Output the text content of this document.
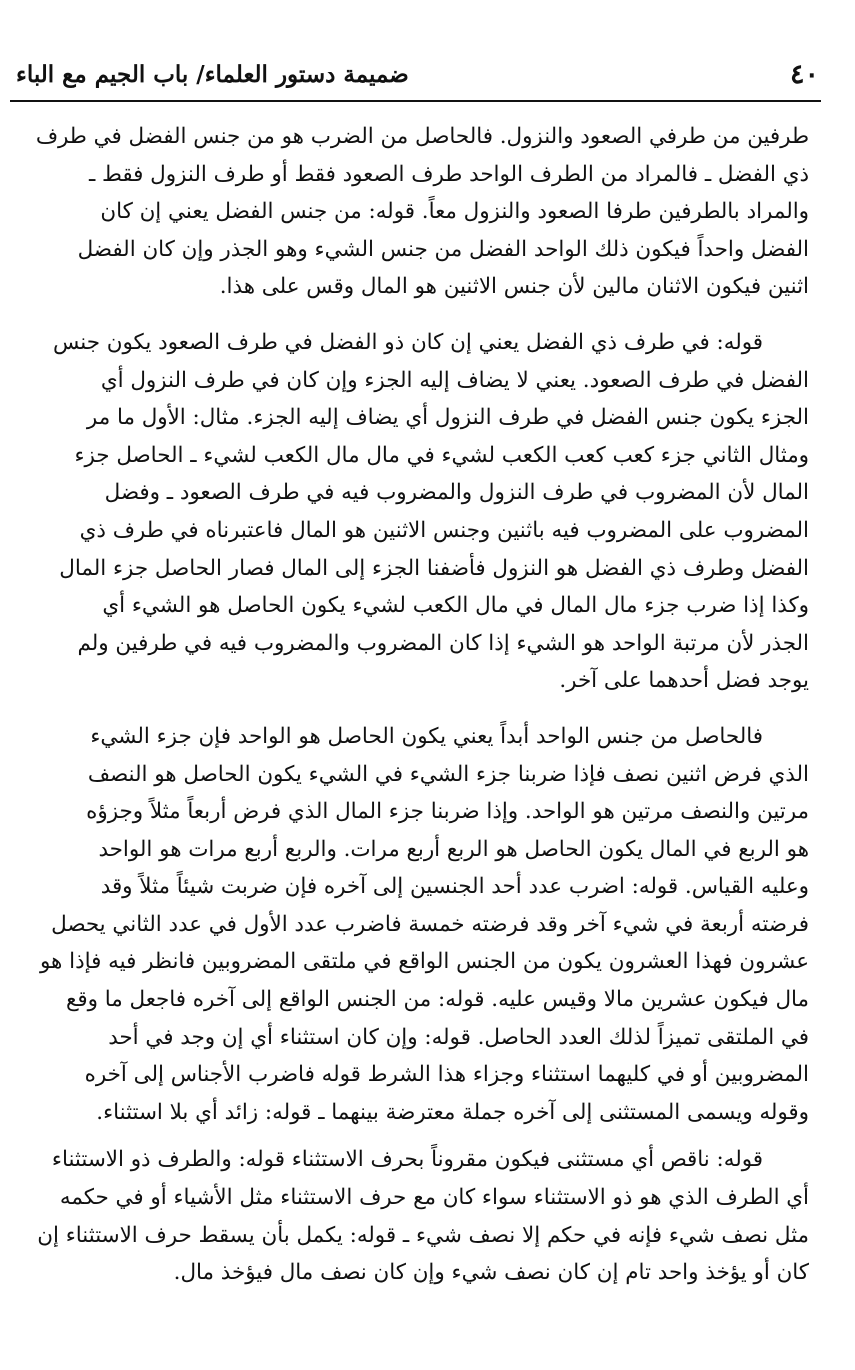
٤٠
ضميمة دستور العلماء/ باب الجيم مع الباء

طرفين من طرفي الصعود والنزول. فالحاصل من الضرب هو من جنس الفضل في طرف
ذي الفضل ـ فالمراد من الطرف الواحد طرف الصعود فقط أو طرف النزول فقط ـ
والمراد بالطرفين طرفا الصعود والنزول معاً. قوله: من جنس الفضل يعني إن كان
الفضل واحداً فيكون ذلك الواحد الفضل من جنس الشيء وهو الجذر وإن كان الفضل
اثنين فيكون الاثنان مالين لأن جنس الاثنين هو المال وقس على هذا.

قوله: في طرف ذي الفضل يعني إن كان ذو الفضل في طرف الصعود يكون جنس
الفضل في طرف الصعود. يعني لا يضاف إليه الجزء وإن كان في طرف النزول أي
الجزء يكون جنس الفضل في طرف النزول أي يضاف إليه الجزء. مثال: الأول ما مر
ومثال الثاني جزء كعب كعب الكعب لشيء في مال مال الكعب لشيء ـ الحاصل جزء
المال لأن المضروب في طرف النزول والمضروب فيه في طرف الصعود ـ وفضل
المضروب على المضروب فيه باثنين وجنس الاثنين هو المال فاعتبرناه في طرف ذي
الفضل وطرف ذي الفضل هو النزول فأضفنا الجزء إلى المال فصار الحاصل جزء المال
وكذا إذا ضرب جزء مال المال في مال الكعب لشيء يكون الحاصل هو الشيء أي
الجذر لأن مرتبة الواحد هو الشيء إذا كان المضروب والمضروب فيه في طرفين ولم
يوجد فضل أحدهما على آخر.

فالحاصل من جنس الواحد أبداً يعني يكون الحاصل هو الواحد فإن جزء الشيء
الذي فرض اثنين نصف فإذا ضربنا جزء الشيء في الشيء يكون الحاصل هو النصف
مرتين والنصف مرتين هو الواحد. وإذا ضربنا جزء المال الذي فرض أربعاً مثلاً وجزؤه
هو الربع في المال يكون الحاصل هو الربع أربع مرات. والربع أربع مرات هو الواحد
وعليه القياس. قوله: اضرب عدد أحد الجنسين إلى آخره فإن ضربت شيئاً مثلاً وقد
فرضته أربعة في شيء آخر وقد فرضته خمسة فاضرب عدد الأول في عدد الثاني يحصل
عشرون فهذا العشرون يكون من الجنس الواقع في ملتقى المضروبين فانظر فيه فإذا هو
مال فيكون عشرين مالا وقيس عليه. قوله: من الجنس الواقع إلى آخره فاجعل ما وقع
في الملتقى تميزاً لذلك العدد الحاصل. قوله: وإن كان استثناء أي إن وجد في أحد
المضروبين أو في كليهما استثناء وجزاء هذا الشرط قوله فاضرب الأجناس إلى آخره
وقوله ويسمى المستثنى إلى آخره جملة معترضة بينهما ـ قوله: زائد أي بلا استثناء.

قوله: ناقص أي مستثنى فيكون مقروناً بحرف الاستثناء قوله: والطرف ذو الاستثناء
أي الطرف الذي هو ذو الاستثناء سواء كان مع حرف الاستثناء مثل الأشياء أو في حكمه
مثل نصف شيء فإنه في حكم إلا نصف شيء ـ قوله: يكمل بأن يسقط حرف الاستثناء إن
كان أو يؤخذ واحد تام إن كان نصف شيء وإن كان نصف مال فيؤخذ مال.
